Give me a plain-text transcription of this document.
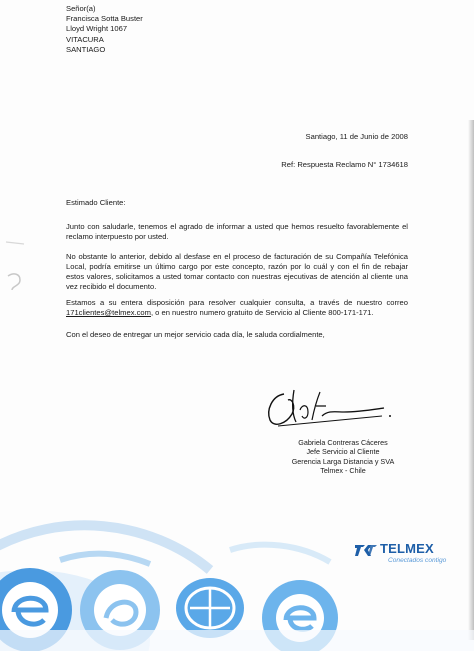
Señor(a)
Francisca Sotta Buster
Lloyd Wright 1067
VITACURA
SANTIAGO
Santiago, 11 de Junio de 2008
Ref: Respuesta Reclamo N° 1734618
Estimado Cliente:
Junto con saludarle, tenemos el agrado de informar a usted que hemos resuelto favorablemente el reclamo interpuesto por usted.
No obstante lo anterior, debido al desfase en el proceso de facturación de su Compañía Telefónica Local, podría emitirse un último cargo por este concepto, razón por lo cuál y con el fin de rebajar estos valores, solicitamos a usted tomar contacto con nuestras ejecutivas de atención al cliente una vez recibido el documento.
Estamos a su entera disposición para resolver cualquier consulta, a través de nuestro correo 171clientes@telmex.com, o en nuestro numero gratuito de Servicio al Cliente 800-171-171.
Con el deseo de entregar un mejor servicio cada día, le saluda cordialmente,
Gabriela Contreras Cáceres
Jefe Servicio al Cliente
Gerencia Larga Distancia y SVA
Telmex - Chile
TELMEX
Conectados contigo
